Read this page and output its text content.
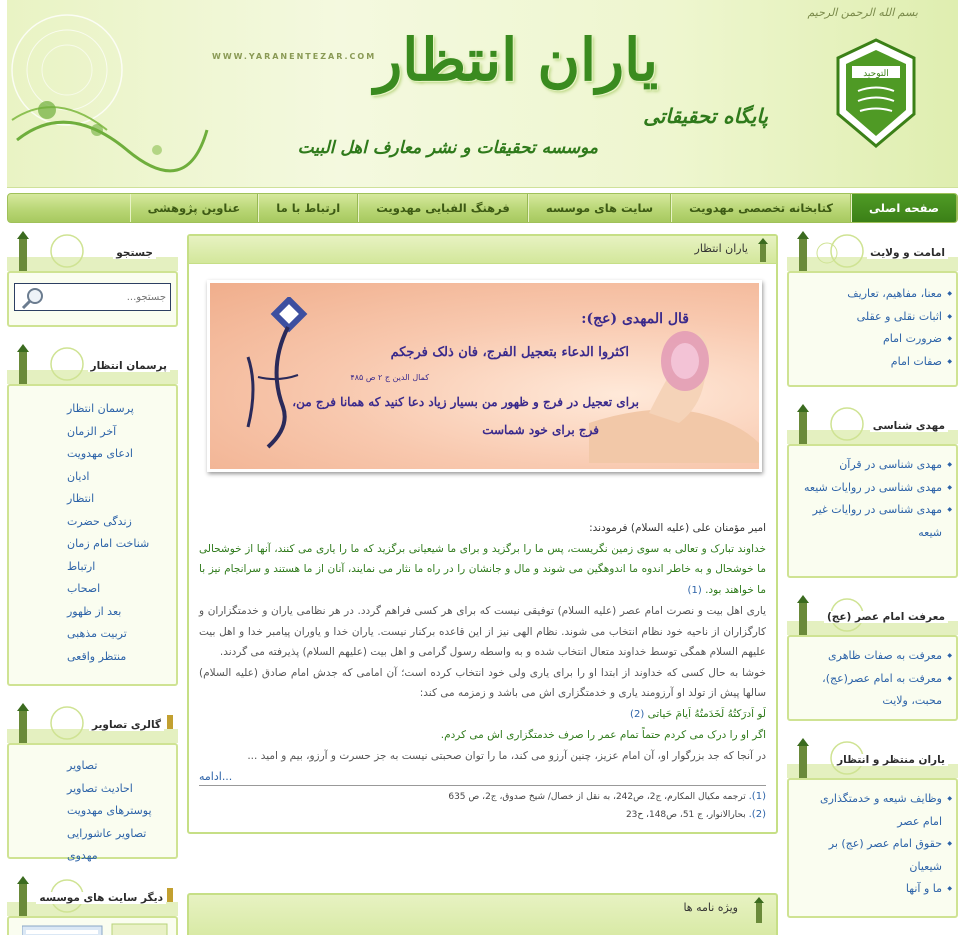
WWW.YARANENTEZAR.COM
بسم الله الرحمن الرحیم
یاران انتظار
پایگاه تحقیقاتی
موسسه تحقیقات و نشر معارف اهل البیت
التوحید
صفحه اصلی
کتابخانه تخصصی مهدویت
سایت های موسسه
فرهنگ الفبایی مهدویت
ارتباط با ما
عناوین پژوهشی
امامت و ولایت
◆ معنا، مفاهیم، تعاریف
◆ اثبات نقلی و عقلی
◆ ضرورت امام
◆ صفات امام
مهدی شناسی
◆ مهدی شناسی در قرآن
◆ مهدی شناسی در روایات شیعه
◆ مهدی شناسی در روایات غیر شیعه
معرفت امام عصر (عج)
◆ معرفت به صفات ظاهری
◆ معرفت به امام عصر(عج)، محبت، ولایت
یاران منتظر و انتظار
◆ وظایف شیعه و خدمتگذاری امام عصر
◆ حقوق امام عصر (عج) بر شیعیان
◆ ما و آنها
جستجو
جستجو...
پرسمان انتظار
پرسمان انتظار
آخر الزمان
ادعای مهدویت
ادیان
انتظار
زندگی حضرت
شناخت امام زمان
ارتباط
اصحاب
بعد از ظهور
تربیت مذهبی
منتظر واقعی
گالری تصاویر
تصاویر
احادیث تصاویر
پوسترهای مهدویت
تصاویر عاشورایی مهدوی
دیگر سایت های موسسه
یاران انتظار
قال المهدی (عج):
اکثروا الدعاء بتعجیل الفرج، فان ذلک فرجکم
کمال الدین ج ۲ ص ۴۸۵
برای تعجیل در فرج و ظهور من بسیار زیاد دعا کنید که همانا فرج من،
فرج برای خود شماست
امیر مؤمنان علی (علیه السلام) فرمودند:
خداوند تبارک و تعالی به سوی زمین نگریست، پس ما را برگزید و برای ما شیعیانی برگزید که ما را یاری می کنند، آنها از خوشحالی ما خوشحال و به خاطر اندوه ما اندوهگین می شوند و مال و جانشان را در راه ما نثار می نمایند، آنان از ما هستند و سرانجام نیز با ما خواهند بود. (1)
یاری اهل بیت و نصرت امام عصر (علیه السلام) توفیقی نیست که برای هر کسی فراهم گردد. در هر نظامی یاران و خدمتگزاران و کارگزاران از ناحیه خود نظام انتخاب می شوند. نظام الهی نیز از این قاعده برکنار نیست. یاران خدا و یاوران پیامبر خدا و اهل بیت علیهم السلام همگی توسط خداوند متعال انتخاب شده و به واسطه رسول گرامی و اهل بیت (علیهم السلام) پذیرفته می گردند.
خوشا به حال کسی که خداوند از ابتدا او را برای یاری ولی خود انتخاب کرده است؛ آن امامی که جدش امام صادق (علیه السلام) سالها پیش از تولد او آرزومند یاری و خدمتگزاری اش می باشد و زمزمه می کند:
لَو اَدرَکتُهُ لَخَدَمتُهُ اَیامَ حَیاتی (2)
اگر او را درک می کردم حتماً تمام عمر را صرف خدمتگزاری اش می کردم.
در آنجا که جد بزرگوار او، آن امام عزیز، چنین آرزو می کند، ما را توان صحبتی نیست به جز حسرت و آرزو، بیم و امید ...
ادامه...
(1). ترجمه مکیال المکارم، ج2، ص242، به نقل از خصال/ شیخ صدوق، ج2، ص 635
(2). بحارالانوار، ج 51، ص148، ح23
ویژه نامه ها
